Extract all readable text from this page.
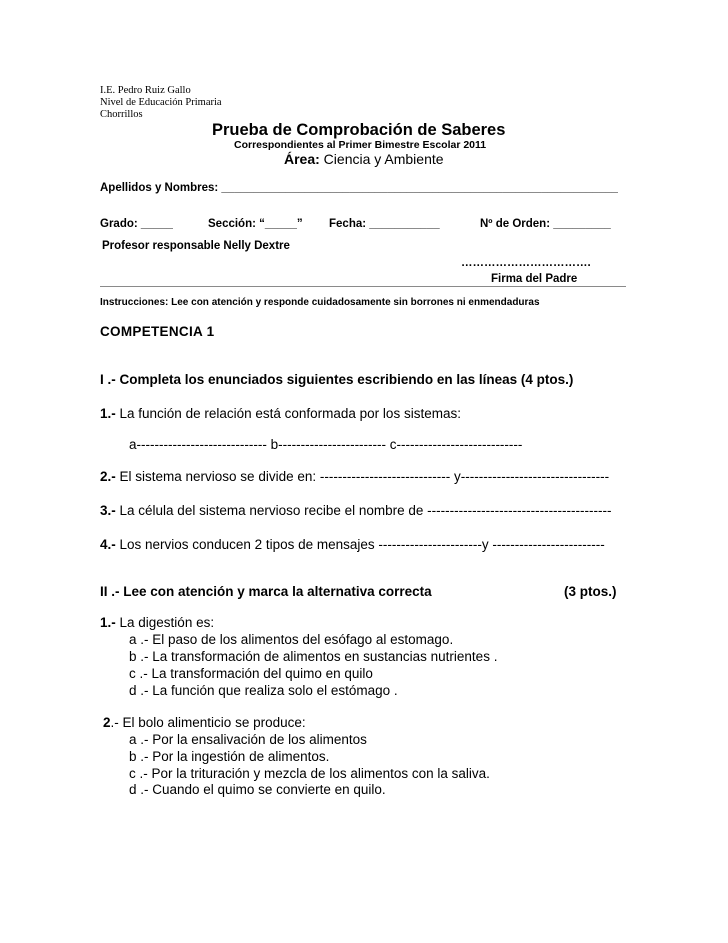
I.E. Pedro Ruiz Gallo
Nivel de Educación Primaria
Chorrillos
Prueba de Comprobación de Saberes
Correspondientes al Primer Bimestre Escolar 2011
Área: Ciencia y Ambiente
Apellidos y Nombres: ______________________________________________________________
Grado: _____	Sección: “_____” Fecha: ___________	Nº de Orden: _________
Profesor responsable Nelly Dextre
…………………………….
Firma del Padre
Instrucciones: Lee con atención y responde cuidadosamente sin borrones ni enmendaduras
COMPETENCIA 1
I .- Completa los enunciados siguientes escribiendo en las líneas (4 ptos.)
1.- La función de relación está conformada por los sistemas:
a----------------------------- b------------------------ c----------------------------
2.- El sistema nervioso se divide en: ----------------------------- y---------------------------------
3.- La célula del sistema nervioso recibe el nombre de -----------------------------------------
4.- Los nervios conducen 2 tipos de mensajes -----------------------y -------------------------
II .- Lee con atención y marca la alternativa correcta	(3 ptos.)
1.- La digestión es:
a .- El paso de los alimentos del esófago al estomago.
b .- La transformación de alimentos en sustancias nutrientes .
c .- La transformación del quimo en quilo
d .- La función que realiza solo el estómago .
2.- El bolo alimenticio se produce:
a .- Por la ensalivación de los alimentos
b .- Por la ingestión de alimentos.
c .- Por la trituración y mezcla de los alimentos con la saliva.
d .- Cuando el quimo se convierte en quilo.
